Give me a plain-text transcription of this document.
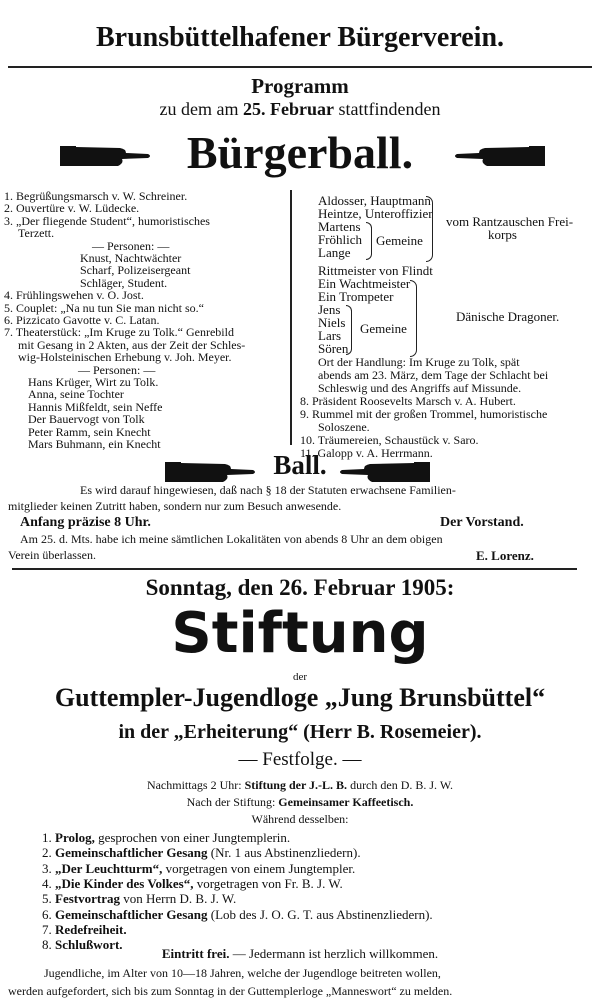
Brunsbüttelhafener Bürgerverein.
Programm
zu dem am 25. Februar stattfindenden
Bürgerball.
1. Begrüßungsmarsch v. W. Schreiner.
2. Ouvertüre v. W. Lüdecke.
3. „Der fliegende Student“, humoristisches
Terzett.
— Personen: —
Knust, Nachtwächter
Scharf, Polizeisergeant
Schläger, Student.
4. Frühlingswehen v. O. Jost.
5. Couplet: „Na nu tun Sie man nicht so.“
6. Pizzicato Gavotte v. C. Latan.
7. Theaterstück: „Im Kruge zu Tolk.“ Genrebild
mit Gesang in 2 Akten, aus der Zeit der Schles-
wig-Holsteinischen Erhebung v. Joh. Meyer.
— Personen: —
Hans Krüger, Wirt zu Tolk.
Anna, seine Tochter
Hannis Mißfeldt, sein Neffe
Der Bauervogt von Tolk
Peter Ramm, sein Knecht
Mars Buhmann, ein Knecht
Aldosser, Hauptmann
Heintze, Unteroffizier
Martens
Fröhlich
Lange
Gemeine
vom Rantzauschen Frei-
korps
Rittmeister von Flindt
Ein Wachtmeister
Ein Trompeter
Jens
Niels
Lars
Sören
Gemeine
Dänische Dragoner.
Ort der Handlung: Im Kruge zu Tolk, spät
abends am 23. März, dem Tage der Schlacht bei
Schleswig und des Angriffs auf Missunde.
8. Präsident Roosevelts Marsch v. A. Hubert.
9. Rummel mit der großen Trommel, humoristische
Soloszene.
10. Träumereien, Schaustück v. Saro.
11. Galopp v. A. Herrmann.
Ball.
Es wird darauf hingewiesen, daß nach § 18 der Statuten erwachsene Familien-
mitglieder keinen Zutritt haben, sondern nur zum Besuch anwesende.
Anfang präzise 8 Uhr.	Der Vorstand.
Am 25. d. Mts. habe ich meine sämtlichen Lokalitäten von abends 8 Uhr an dem obigen
Verein überlassen.	E. Lorenz.
Sonntag, den 26. Februar 1905:
Stiftung
der
Guttempler-Jugendloge „Jung Brunsbüttel“
in der „Erheiterung“ (Herr B. Rosemeier).
— Festfolge. —
Nachmittags 2 Uhr: Stiftung der J.-L. B. durch den D. B. J. W.
Nach der Stiftung: Gemeinsamer Kaffeetisch.
Während desselben:
1. Prolog, gesprochen von einer Jungtemplerin.
2. Gemeinschaftlicher Gesang (Nr. 1 aus Abstinenzliedern).
3. „Der Leuchtturm“, vorgetragen von einem Jungtempler.
4. „Die Kinder des Volkes“, vorgetragen von Fr. B. J. W.
5. Festvortrag von Herrn D. B. J. W.
6. Gemeinschaftlicher Gesang (Lob des J. O. G. T. aus Abstinenzliedern).
7. Redefreiheit.
8. Schlußwort.
Eintritt frei. — Jedermann ist herzlich willkommen.
Jugendliche, im Alter von 10—18 Jahren, welche der Jugendloge beitreten wollen,
werden aufgefordert, sich bis zum Sonntag in der Guttemplerloge „Manneswort“ zu melden.
